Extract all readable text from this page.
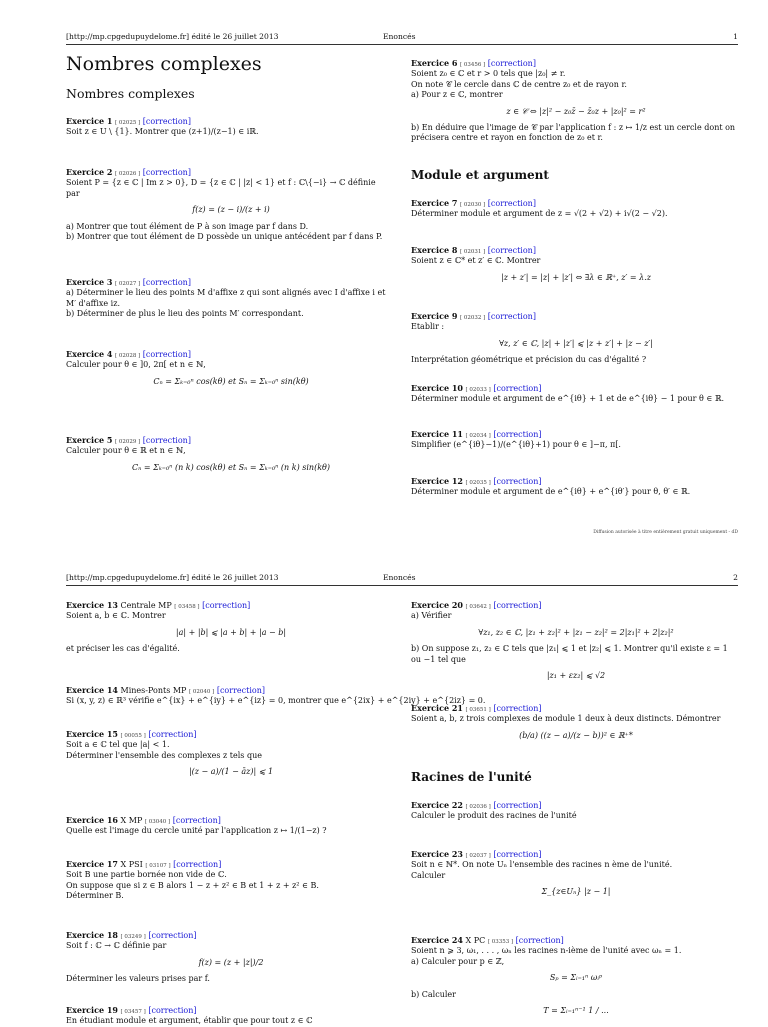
[http://mp.cpgedupuydelome.fr] édité le 26 juillet 2013	Enoncés	1
Nombres complexes
Nombres complexes
Exercice 1 [ 02025 ] [correction]
Soit z ∈ U \ {1}. Montrer que (z+1)/(z−1) ∈ iℝ.
Exercice 2 [ 02026 ] [correction]
Soient P = {z ∈ ℂ | Im z > 0}, D = {z ∈ ℂ | |z| < 1} et f : ℂ\{−i} → ℂ définie
par
f(z) = (z − i)/(z + i)
a) Montrer que tout élément de P à son image par f dans D.
b) Montrer que tout élément de D possède un unique antécédent par f dans P.
Exercice 3 [ 02027 ] [correction]
a) Déterminer le lieu des points M d'affixe z qui sont alignés avec I d'affixe i et
M′ d'affixe iz.
b) Déterminer de plus le lieu des points M′ correspondant.
Exercice 4 [ 02028 ] [correction]
Calculer pour θ ∈ ]0, 2π[ et n ∈ ℕ,
Cₙ = Σₖ₌₀ⁿ cos(kθ) et Sₙ = Σₖ₌₀ⁿ sin(kθ)
Exercice 5 [ 02029 ] [correction]
Calculer pour θ ∈ ℝ et n ∈ ℕ,
Cₙ = Σₖ₌₀ⁿ (n k) cos(kθ) et Sₙ = Σₖ₌₀ⁿ (n k) sin(kθ)
Exercice 6 [ 03456 ] [correction]
Soient z₀ ∈ ℂ et r > 0 tels que |z₀| ≠ r.
On note 𝒞 le cercle dans ℂ de centre z₀ et de rayon r.
a) Pour z ∈ ℂ, montrer
z ∈ 𝒞 ⇔ |z|² − z₀z̄ − z̄₀z + |z₀|² = r²
b) En déduire que l'image de 𝒞 par l'application f : z ↦ 1/z est un cercle dont on
précisera centre et rayon en fonction de z₀ et r.
Module et argument
Exercice 7 [ 02030 ] [correction]
Déterminer module et argument de z = √(2 + √2) + i√(2 − √2).
Exercice 8 [ 02031 ] [correction]
Soient z ∈ ℂ* et z′ ∈ ℂ. Montrer
|z + z′| = |z| + |z′| ⇔ ∃λ ∈ ℝ⁺, z′ = λ.z
Exercice 9 [ 02032 ] [correction]
Etablir :
∀z, z′ ∈ ℂ, |z| + |z′| ⩽ |z + z′| + |z − z′|
Interprétation géométrique et précision du cas d'égalité ?
Exercice 10 [ 02033 ] [correction]
Déterminer module et argument de e^{iθ} + 1 et de e^{iθ} − 1 pour θ ∈ ℝ.
Exercice 11 [ 02034 ] [correction]
Simplifier (e^{iθ}−1)/(e^{iθ}+1) pour θ ∈ ]−π, π[.
Exercice 12 [ 02035 ] [correction]
Déterminer module et argument de e^{iθ} + e^{iθ′} pour θ, θ′ ∈ ℝ.
Diffusion autorisée à titre entièrement gratuit uniquement - dD
[http://mp.cpgedupuydelome.fr] édité le 26 juillet 2013	Enoncés	2
Exercice 13 Centrale MP [ 03458 ] [correction]
Soient a, b ∈ ℂ. Montrer
|a| + |b| ⩽ |a + b| + |a − b|
et préciser les cas d'égalité.
Exercice 14 Mines-Ponts MP [ 02040 ] [correction]
Si (x, y, z) ∈ ℝ³ vérifie e^{ix} + e^{iy} + e^{iz} = 0, montrer que e^{2ix} + e^{2iy} + e^{2iz} = 0.
Exercice 15 [ 00055 ] [correction]
Soit a ∈ ℂ tel que |a| < 1.
Déterminer l'ensemble des complexes z tels que
|(z − a)/(1 − āz)| ⩽ 1
Exercice 16 X MP [ 03040 ] [correction]
Quelle est l'image du cercle unité par l'application z ↦ 1/(1−z) ?
Exercice 17 X PSI [ 03107 ] [correction]
Soit B une partie bornée non vide de ℂ.
On suppose que si z ∈ B alors 1 − z + z² ∈ B et 1 + z + z² ∈ B.
Déterminer B.
Exercice 18 [ 03249 ] [correction]
Soit f : ℂ → ℂ définie par
f(z) = (z + |z|)/2
Déterminer les valeurs prises par f.
Exercice 19 [ 03457 ] [correction]
En étudiant module et argument, établir que pour tout z ∈ ℂ
Exercice 20 [ 03642 ] [correction]
a) Vérifier
∀z₁, z₂ ∈ ℂ, |z₁ + z₂|² + |z₁ − z₂|² = 2|z₁|² + 2|z₂|²
b) On suppose z₁, z₂ ∈ ℂ tels que |z₁| ⩽ 1 et |z₂| ⩽ 1. Montrer qu'il existe ε = 1
ou −1 tel que
|z₁ + εz₂| ⩽ √2
Exercice 21 [ 03651 ] [correction]
Soient a, b, z trois complexes de module 1 deux à deux distincts. Démontrer
(b/a) ((z − a)/(z − b))² ∈ ℝ⁺*
Racines de l'unité
Exercice 22 [ 02036 ] [correction]
Calculer le produit des racines de l'unité
Exercice 23 [ 02037 ] [correction]
Soit n ∈ ℕ*. On note Uₙ l'ensemble des racines n ème de l'unité.
Calculer
Σ_{z∈Uₙ} |z − 1|
Exercice 24 X PC [ 03353 ] [correction]
Soient n ⩾ 3, ω₁, . . . , ωₙ les racines n-ième de l'unité avec ωₙ = 1.
a) Calculer pour p ∈ ℤ,
Sₚ = Σᵢ₌₁ⁿ ωᵢᵖ
b) Calculer
T = Σᵢ₌₁ⁿ⁻¹ 1 / ...
